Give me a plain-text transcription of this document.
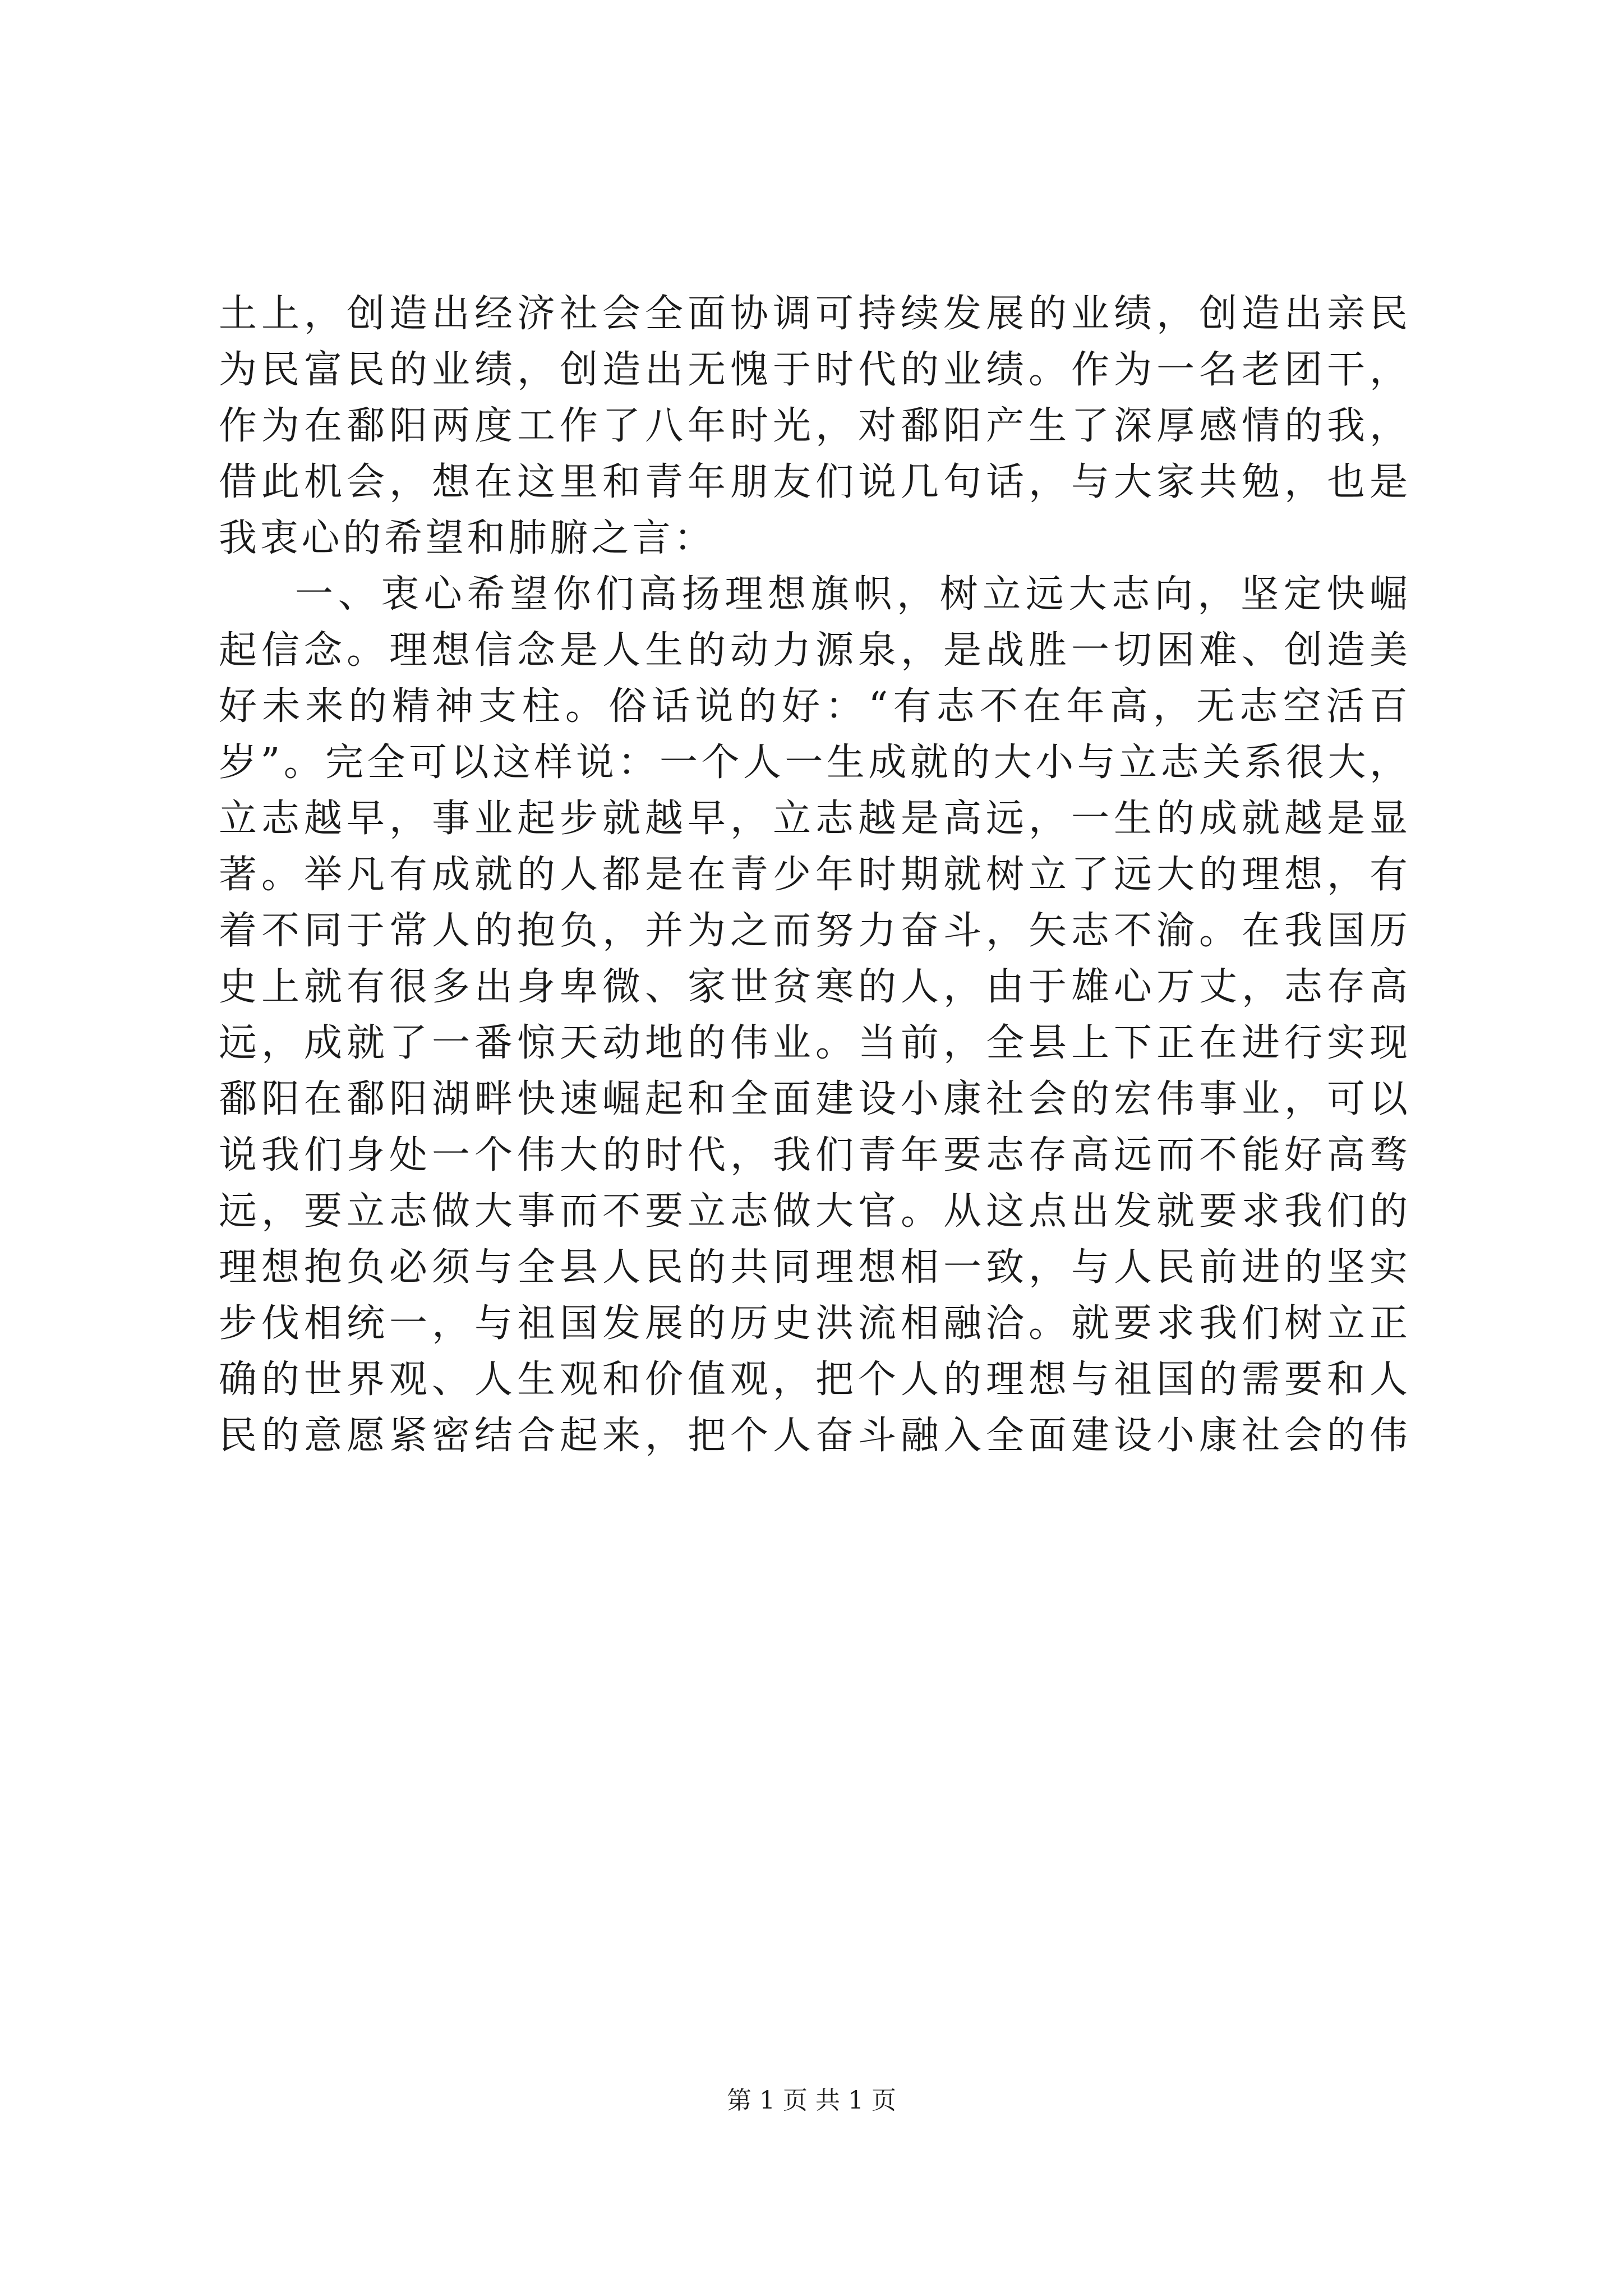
土上，创造出经济社会全面协调可持续发展的业绩，创造出亲民
为民富民的业绩，创造出无愧于时代的业绩。作为一名老团干，
作为在鄱阳两度工作了八年时光，对鄱阳产生了深厚感情的我，
借此机会，想在这里和青年朋友们说几句话，与大家共勉，也是
我衷心的希望和肺腑之言：
一、衷心希望你们高扬理想旗帜，树立远大志向，坚定快崛
起信念。理想信念是人生的动力源泉，是战胜一切困难、创造美
好未来的精神支柱。俗话说的好：“有志不在年高，无志空活百
岁”。完全可以这样说：一个人一生成就的大小与立志关系很大，
立志越早，事业起步就越早，立志越是高远，一生的成就越是显
著。举凡有成就的人都是在青少年时期就树立了远大的理想，有
着不同于常人的抱负，并为之而努力奋斗，矢志不渝。在我国历
史上就有很多出身卑微、家世贫寒的人，由于雄心万丈，志存高
远，成就了一番惊天动地的伟业。当前，全县上下正在进行实现
鄱阳在鄱阳湖畔快速崛起和全面建设小康社会的宏伟事业，可以
说我们身处一个伟大的时代，我们青年要志存高远而不能好高骛
远，要立志做大事而不要立志做大官。从这点出发就要求我们的
理想抱负必须与全县人民的共同理想相一致，与人民前进的坚实
步伐相统一，与祖国发展的历史洪流相融洽。就要求我们树立正
确的世界观、人生观和价值观，把个人的理想与祖国的需要和人
民的意愿紧密结合起来，把个人奋斗融入全面建设小康社会的伟
第 1 页 共 1 页
